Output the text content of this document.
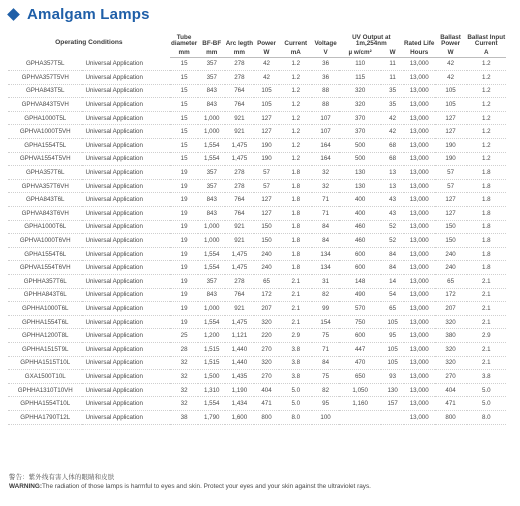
Amalgam Lamps
Operating Conditions		Tube diameter	BF-BF	Arc legth	Power	Current	Voltage	UV Output at 1m,254nm		Rated Life	Ballast Power	Ballast Input Current
		mm	mm	mm	W	mA	V	µ w/cm²	W	Hours	W	A
GPHA357T5L	Universal Application	15	357	278	42	1.2	36	110	11	13,000	42	1.2
GPHVA357T5VH	Universal Application	15	357	278	42	1.2	36	115	11	13,000	42	1.2
GPHA843T5L	Universal Application	15	843	764	105	1.2	88	320	35	13,000	105	1.2
GPHVA843T5VH	Universal Application	15	843	764	105	1.2	88	320	35	13,000	105	1.2
GPHA1000T5L	Universal Application	15	1,000	921	127	1.2	107	370	42	13,000	127	1.2
GPHVA1000T5VH	Universal Application	15	1,000	921	127	1.2	107	370	42	13,000	127	1.2
GPHA1554T5L	Universal Application	15	1,554	1,475	190	1.2	164	500	68	13,000	190	1.2
GPHVA1554T5VH	Universal Application	15	1,554	1,475	190	1.2	164	500	68	13,000	190	1.2
GPHA357T6L	Universal Application	19	357	278	57	1.8	32	130	13	13,000	57	1.8
GPHVA357T6VH	Universal Application	19	357	278	57	1.8	32	130	13	13,000	57	1.8
GPHA843T6L	Universal Application	19	843	764	127	1.8	71	400	43	13,000	127	1.8
GPHVA843T6VH	Universal Application	19	843	764	127	1.8	71	400	43	13,000	127	1.8
GPHA1000T6L	Universal Application	19	1,000	921	150	1.8	84	460	52	13,000	150	1.8
GPHVA1000T6VH	Universal Application	19	1,000	921	150	1.8	84	460	52	13,000	150	1.8
GPHA1554T6L	Universal Application	19	1,554	1,475	240	1.8	134	600	84	13,000	240	1.8
GPHVA1554T6VH	Universal Application	19	1,554	1,475	240	1.8	134	600	84	13,000	240	1.8
GPHHA357T6L	Universal Application	19	357	278	65	2.1	31	148	14	13,000	65	2.1
GPHHA843T6L	Universal Application	19	843	764	172	2.1	82	490	54	13,000	172	2.1
GPHHA1000T6L	Universal Application	19	1,000	921	207	2.1	99	570	65	13,000	207	2.1
GPHHA1554T6L	Universal Application	19	1,554	1,475	320	2.1	154	750	105	13,000	320	2.1
GPHHA1200T8L	Universal Application	25	1,200	1,121	220	2.9	75	600	95	13,000	380	2.9
GPHHA1515T9L	Universal Application	28	1,515	1,440	270	3.8	71	447	105	13,000	320	2.1
GPHHA1515T10L	Universal Application	32	1,515	1,440	320	3.8	84	470	105	13,000	320	2.1
GXA1500T10L	Universal Application	32	1,500	1,435	270	3.8	75	650	93	13,000	270	3.8
GPHHA1310T10VH	Universal Application	32	1,310	1,190	404	5.0	82	1,050	130	13,000	404	5.0
GPHHA1554T10L	Universal Application	32	1,554	1,434	471	5.0	95	1,160	157	13,000	471	5.0
GPHHA1790T12L	Universal Application	38	1,790	1,600	800	8.0	100			13,000	800	8.0
警告：紫外线有害人体的眼睛和皮肤
WARNING:The radiation of those lamps is harmful to eyes and skin. Protect your eyes and your skin against the ultraviolet rays.
